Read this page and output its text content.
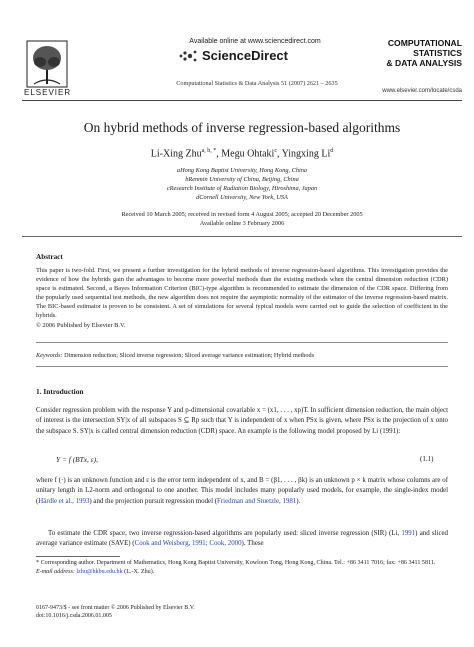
ELSEVIER
Available online at www.sciencedirect.com
ScienceDirect
Computational Statistics & Data Analysis 51 (2007) 2621 – 2635
COMPUTATIONAL
STATISTICS
& DATA ANALYSIS
www.elsevier.com/locate/csda
On hybrid methods of inverse regression-based algorithms
Li-Xing Zhu$^{a, b, *}$, Megu Ohtaki$^c$, Yingxing Li$^d$
aHong Kong Baptist University, Hong Kong, China
bRenmin University of China, Beijing, China
cResearch Institute of Radiation Biology, Hiroshima, Japan
dCornell University, New York, USA
Received 10 March 2005; received in revised form 4 August 2005; accepted 20 December 2005
Available online 3 February 2006
Abstract

This paper is two-fold. First, we present a further investigation for the hybrid methods of inverse regression-based algorithms. This investigation provides the evidence of how the hybrids gain the advantages to become more powerful methods than the existing methods when the central dimension reduction (CDR) space is estimated. Second, a Bayes Information Criterion (BIC)-type algorithm is recommended to estimate the dimension of the CDR space. Differing from the popularly used sequential test methods, the new algorithm does not require the asymptotic normality of the estimator of the inverse regression-based matrix. The BIC-based estimator is proven to be consistent. A set of simulations for several typical models were carried out to guide the selection of coefficient in the hybrids.

© 2006 Published by Elsevier B.V.

Keywords: Dimension reduction; Sliced inverse regression; Sliced average variance estimation; Hybrid methods
1. Introduction
Consider regression problem with the response Y and p-dimensional covariable x = (x1, . . . , xp)T. In sufficient dimension reduction, the main object of interest is the intersection SY|x of all subspaces S ⊆ Rp such that Y is independent of x when PSx is given, where PSx is the projection of x onto the subspace S. SY|x is called central dimension reduction (CDR) space. An example is the following model proposed by Li (1991):
Y = f (BTx, ε),	(1.1)
where f (·) is an unknown function and ε is the error term independent of x, and B = (β1, . . . , βk) is an unknown p × k matrix whose columns are of unitary length in L2-norm and orthogonal to one another. This model includes many popularly used models, for example, the single-index model (Härdle et al., 1993) and the projection pursuit regression model (Friedman and Stuetzle, 1981).
To estimate the CDR space, two inverse regression-based algorithms are popularly used: sliced inverse regression (SIR) (Li, 1991) and sliced average variance estimate (SAVE) (Cook and Weisberg, 1991; Cook, 2000). These
* Corresponding author. Department of Mathematics, Hong Kong Baptist University, Kowloon Tong, Hong Kong, China. Tel.: +86 3411 7016; fax: +86 3411 5811.
E-mail address: lzhu@hkbu.edu.hk (L.-X. Zhu).
0167-9473/$ - see front matter © 2006 Published by Elsevier B.V.
doi:10.1016/j.csda.2006.01.005
